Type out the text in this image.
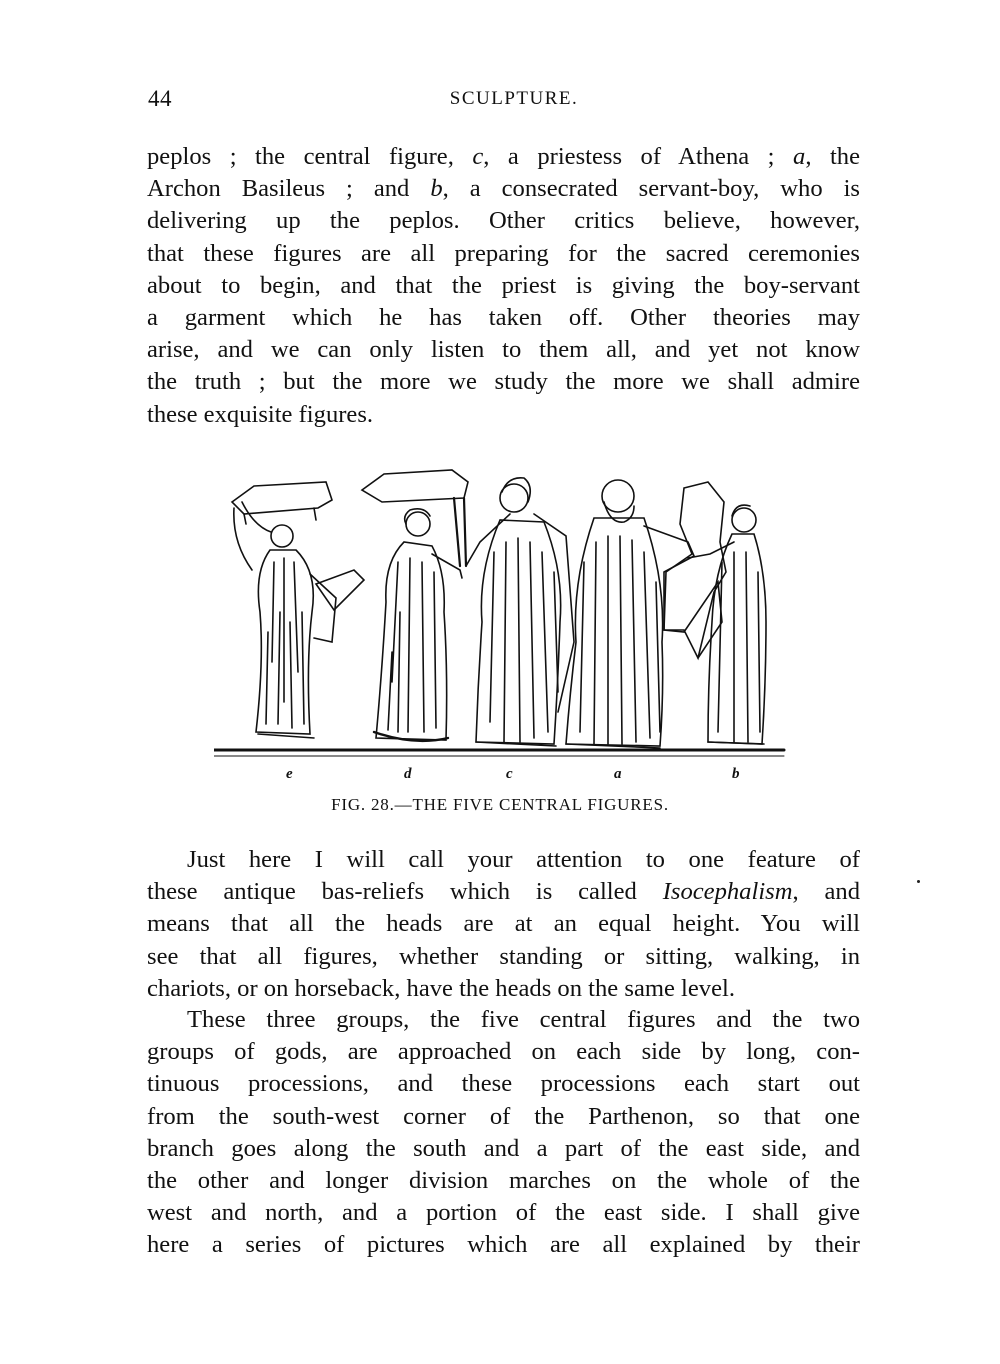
44	SCULPTURE.

peplos ; the central figure, c, a priestess of Athena ; a, the
Archon Basileus ; and b, a consecrated servant-boy, who is
delivering up the peplos. Other critics believe, however,
that these figures are all preparing for the sacred ceremonies
about to begin, and that the priest is giving the boy-servant
a garment which he has taken off. Other theories may
arise, and we can only listen to them all, and yet not know
the truth ; but the more we study the more we shall admire
these exquisite figures.

e	d	c	a	b
FIG. 28.—THE FIVE CENTRAL FIGURES.

Just here I will call your attention to one feature of
these antique bas-reliefs which is called Isocephalism, and
means that all the heads are at an equal height. You will
see that all figures, whether standing or sitting, walking, in
chariots, or on horseback, have the heads on the same level.

These three groups, the five central figures and the two
groups of gods, are approached on each side by long, con-
tinuous processions, and these processions each start out
from the south-west corner of the Parthenon, so that one
branch goes along the south and a part of the east side, and
the other and longer division marches on the whole of the
west and north, and a portion of the east side. I shall give
here a series of pictures which are all explained by their
